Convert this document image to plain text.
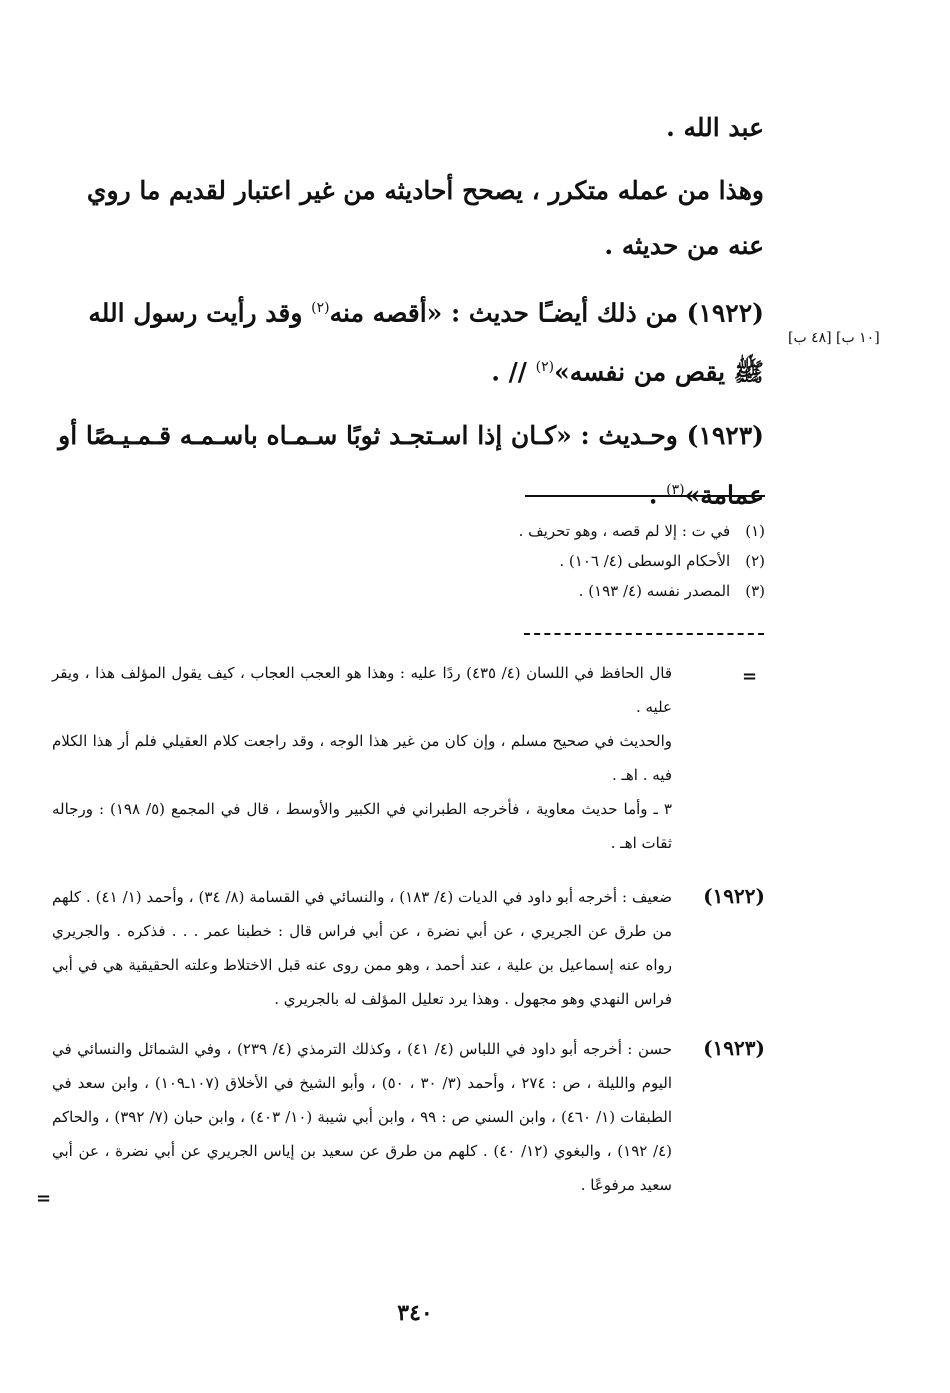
عبد الله .

وهذا من عمله متكرر ، يصحح أحاديثه من غير اعتبار لقديم ما روي عنه من حديثه .

(١٩٢٢) من ذلك أيضـًا حديث : «أقصه منه$^{(٢)}$ وقد رأيت رسول الله ﷺ يقص من نفسه»$^{(٢)}$ // .

(١٩٢٣) وحـديث : «كـان إذا اسـتجـد ثوبًا سـمـاه باسـمـه قـمـيـصًا أو عمامة»$^{(٣)}$ .

[١٠ ب] [٤٨ ب]

(١) في ت : إلا لم قصه ، وهو تحريف .

(٢) الأحكام الوسطى (٤/ ١٠٦) .

(٣) المصدر نفسه (٤/ ١٩٣) .

=

قال الحافظ في اللسان (٤/ ٤٣٥) ردًا عليه : وهذا هو العجب العجاب ، كيف يقول المؤلف هذا ، ويقر عليه .

والحديث في صحيح مسلم ، وإن كان من غير هذا الوجه ، وقد راجعت كلام العقيلي فلم أر هذا الكلام فيه . اهـ .

٣ ـ وأما حديث معاوية ، فأخرجه الطبراني في الكبير والأوسط ، قال في المجمع (٥/ ١٩٨) : ورجاله ثقات اهـ .

(١٩٢٢)

ضعيف : أخرجه أبو داود في الديات (٤/ ١٨٣) ، والنسائي في القسامة (٨/ ٣٤) ، وأحمد (١/ ٤١) . كلهم من طرق عن الجريري ، عن أبي نضرة ، عن أبي فراس قال : خطبنا عمر . . . فذكره . والجريري رواه عنه إسماعيل بن علية ، عند أحمد ، وهو ممن روى عنه قبل الاختلاط وعلته الحقيقية هي في أبي فراس النهدي وهو مجهول . وهذا يرد تعليل المؤلف له بالجريري .

(١٩٢٣)

حسن : أخرجه أبو داود في اللباس (٤/ ٤١) ، وكذلك الترمذي (٤/ ٢٣٩) ، وفي الشمائل والنسائي في اليوم والليلة ، ص : ٢٧٤ ، وأحمد (٣/ ٣٠ ، ٥٠) ، وأبو الشيخ في الأخلاق (١٠٧ـ١٠٩) ، وابن سعد في الطبقات (١/ ٤٦٠) ، وابن السني ص : ٩٩ ، وابن أبي شيبة (١٠/ ٤٠٣) ، وابن حبان (٧/ ٣٩٢) ، والحاكم (٤/ ١٩٢) ، والبغوي (١٢/ ٤٠) . كلهم من طرق عن سعيد بن إياس الجريري عن أبي نضرة ، عن أبي سعيد مرفوعًا .

=
٣٤٠
